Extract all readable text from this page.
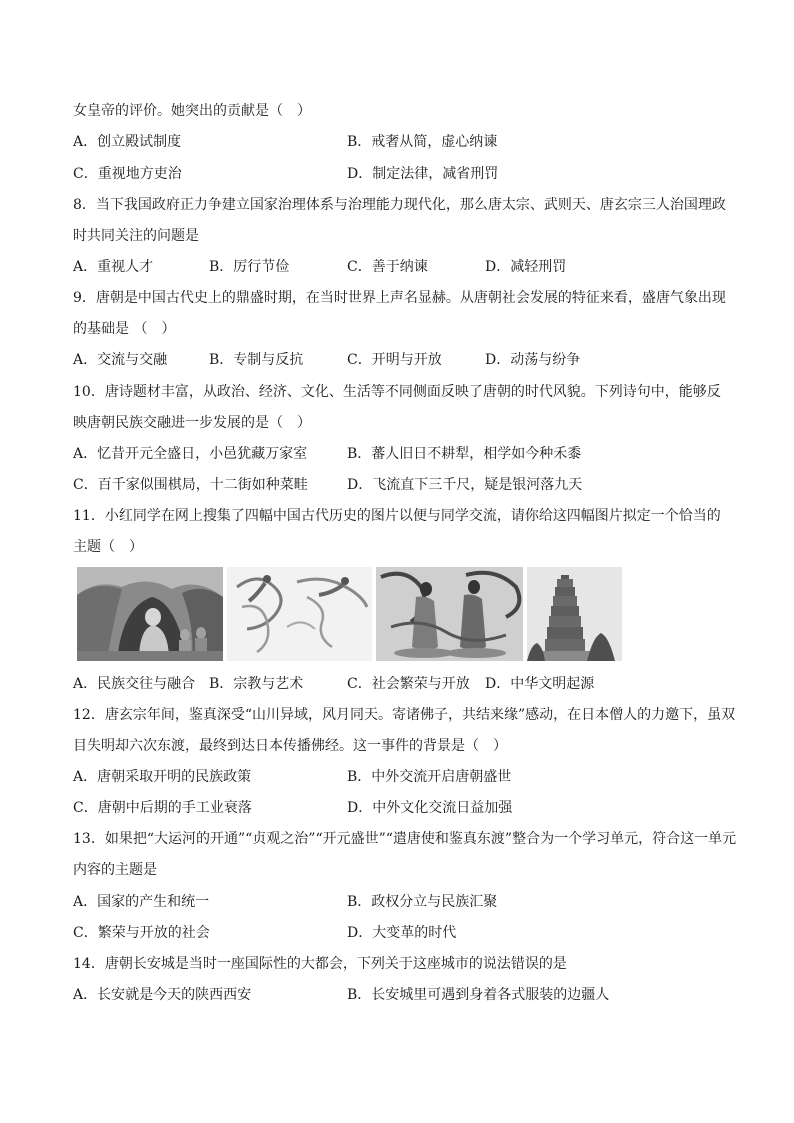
女皇帝的评价。她突出的贡献是（　）
A．创立殿试制度	B．戒奢从简，虚心纳谏
C．重视地方吏治	D．制定法律，减省刑罚
8．当下我国政府正力争建立国家治理体系与治理能力现代化，那么唐太宗、武则天、唐玄宗三人治国理政
时共同关注的问题是
A．重视人才	B．厉行节俭	C．善于纳谏	D．减轻刑罚
9．唐朝是中国古代史上的鼎盛时期，在当时世界上声名显赫。从唐朝社会发展的特征来看，盛唐气象出现
的基础是 （　）
A．交流与交融	B．专制与反抗	C．开明与开放	D．动荡与纷争
10．唐诗题材丰富，从政治、经济、文化、生活等不同侧面反映了唐朝的时代风貌。下列诗句中，能够反
映唐朝民族交融进一步发展的是（　）
A．忆昔开元全盛日，小邑犹藏万家室	B．蕃人旧日不耕犁，相学如今种禾黍
C．百千家似围棋局，十二街如种菜畦	D．飞流直下三千尺，疑是银河落九天
11．小红同学在网上搜集了四幅中国古代历史的图片以便与同学交流，请你给这四幅图片拟定一个恰当的
主题（　）
A．民族交往与融合 B．宗教与艺术	C．社会繁荣与开放 D．中华文明起源
12．唐玄宗年间，鉴真深受“山川异域，风月同天。寄诸佛子，共结来缘”感动，在日本僧人的力邀下，虽双
目失明却六次东渡，最终到达日本传播佛经。这一事件的背景是（　）
A．唐朝采取开明的民族政策	B．中外交流开启唐朝盛世
C．唐朝中后期的手工业衰落	D．中外文化交流日益加强
13．如果把“大运河的开通”“贞观之治”“开元盛世”“遣唐使和鉴真东渡”整合为一个学习单元，符合这一单元
内容的主题是
A．国家的产生和统一	B．政权分立与民族汇聚
C．繁荣与开放的社会	D．大变革的时代
14．唐朝长安城是当时一座国际性的大都会，下列关于这座城市的说法错误的是
A．长安就是今天的陕西西安	B．长安城里可遇到身着各式服装的边疆人
